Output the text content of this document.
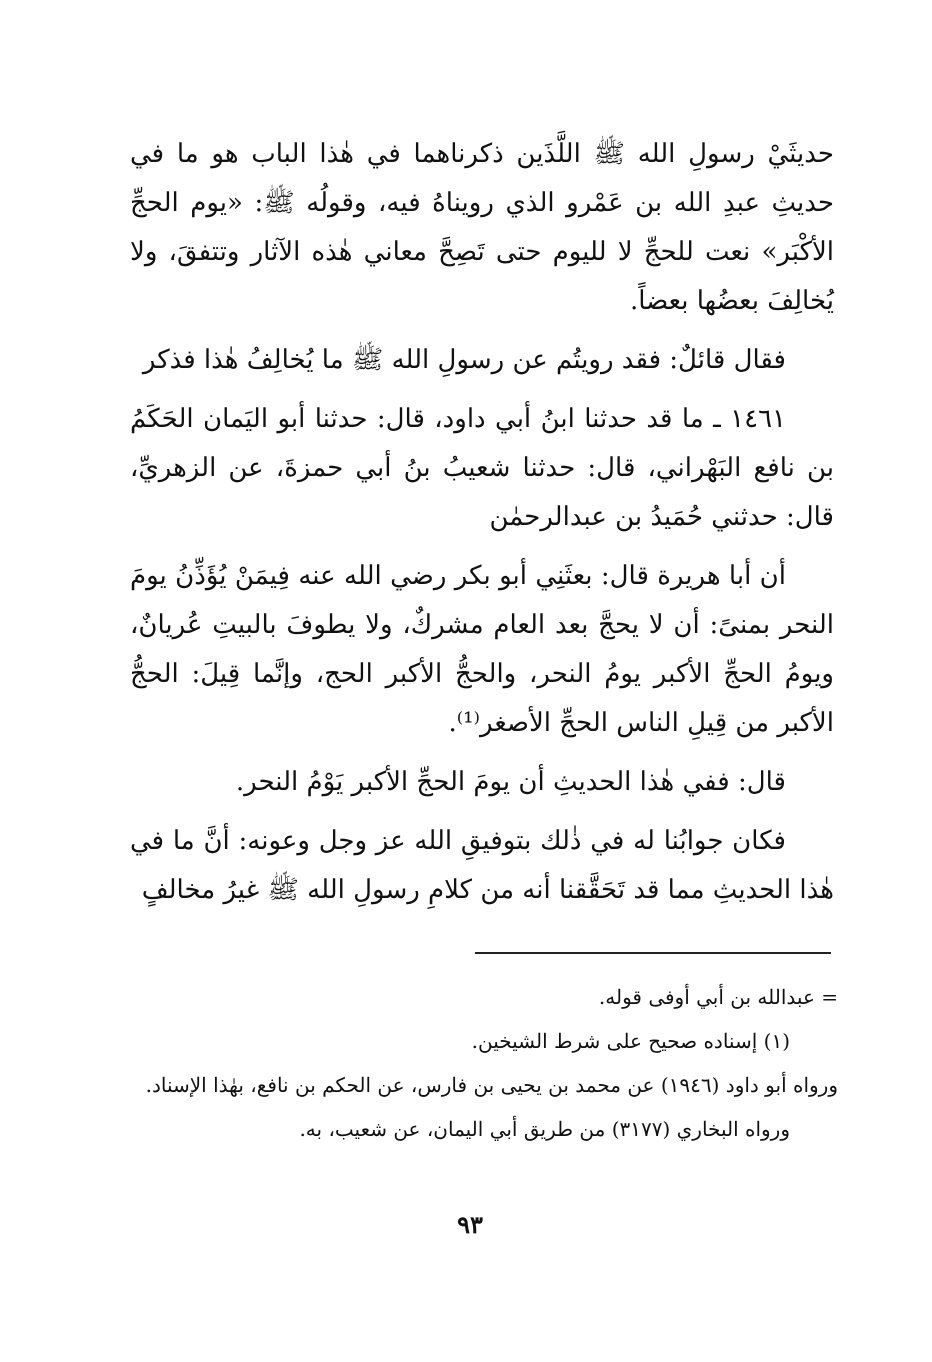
حديثَيْ رسولِ الله ﷺ اللَّذَين ذكرناهما في هٰذا الباب هو ما في حديثِ عبدِ الله بن عَمْرو الذي رويناهُ فيه، وقولُه ﷺ: «يوم الحجِّ الأكْبَر» نعت للحجِّ لا لليوم حتى تَصِحَّ معاني هٰذه الآثار وتتفقَ، ولا يُخالِفَ بعضُها بعضاً.

فقال قائلٌ: فقد رويتُم عن رسولِ الله ﷺ ما يُخالِفُ هٰذا فذكر

١٤٦١ ـ ما قد حدثنا ابنُ أبي داود، قال: حدثنا أبو اليَمان الحَكَمُ بن نافع البَهْراني، قال: حدثنا شعيبُ بنُ أبي حمزةَ، عن الزهريِّ، قال: حدثني حُمَيدُ بن عبدالرحمٰن

أن أبا هريرة قال: بعثَنِي أبو بكر رضي الله عنه فِيمَنْ يُؤَذِّنُ يومَ النحر بمنىً: أن لا يحجَّ بعد العام مشركٌ، ولا يطوفَ بالبيتِ عُريانٌ، ويومُ الحجِّ الأكبر يومُ النحر، والحجُّ الأكبر الحج، وإنَّما قِيلَ: الحجُّ الأكبر من قِيلِ الناس الحجِّ الأصغر⁽¹⁾.

قال: ففي هٰذا الحديثِ أن يومَ الحجِّ الأكبر يَوْمُ النحر.

فكان جوابُنا له في ذٰلك بتوفيقِ الله عز وجل وعونه: أنَّ ما في هٰذا الحديثِ مما قد تَحَقَّقنا أنه من كلامِ رسولِ الله ﷺ غيرُ مخالفٍ

= عبدالله بن أبي أوفى قوله.

(١) إسناده صحيح على شرط الشيخين.

ورواه أبو داود (١٩٤٦) عن محمد بن يحيى بن فارس، عن الحكم بن نافع، بهٰذا الإسناد.

ورواه البخاري (٣١٧٧) من طريق أبي اليمان، عن شعيب، به.

٩٣
